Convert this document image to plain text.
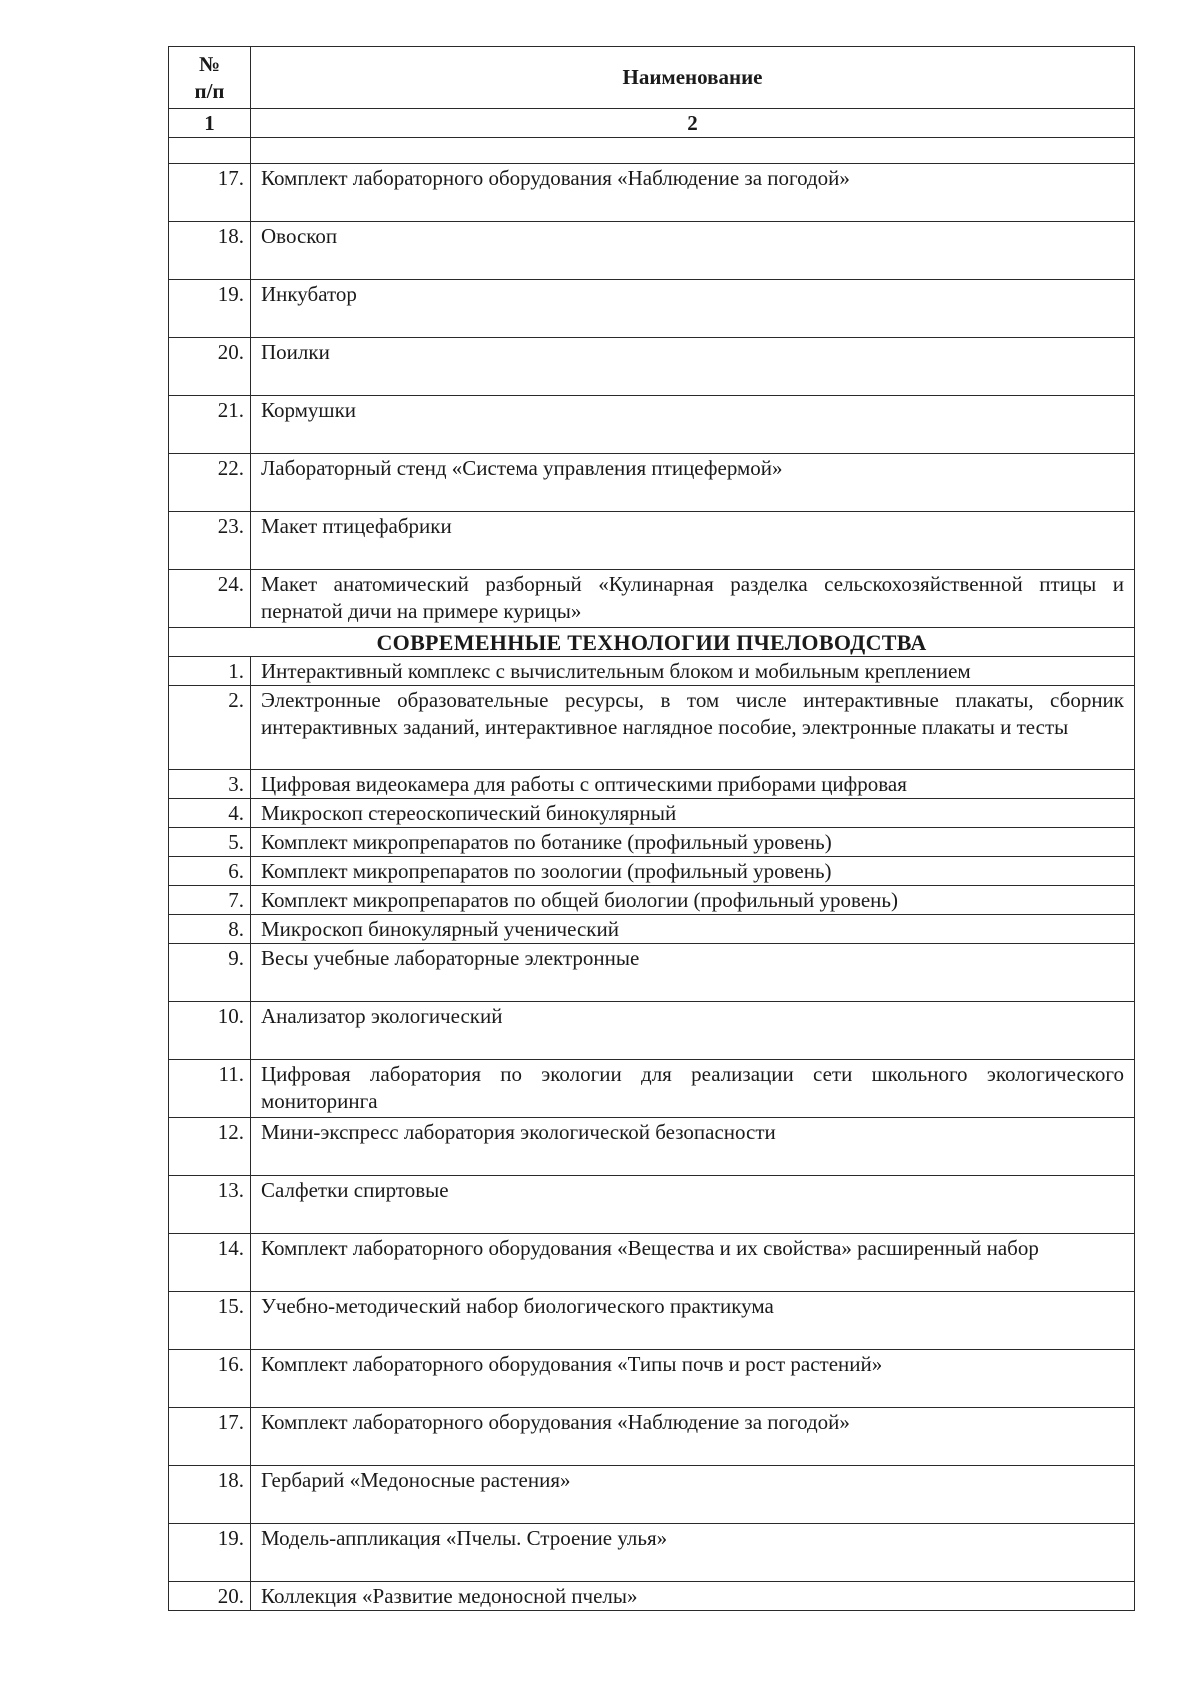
№
п/п	Наименование
1	2

17.	Комплект лабораторного оборудования «Наблюдение за погодой»
18.	Овоскоп
19.	Инкубатор
20.	Поилки
21.	Кормушки
22.	Лабораторный стенд «Система управления птицефермой»
23.	Макет птицефабрики
24.	Макет анатомический разборный «Кулинарная разделка сельскохозяйственной птицы и пернатой дичи на примере курицы»
СОВРЕМЕННЫЕ ТЕХНОЛОГИИ ПЧЕЛОВОДСТВА	
1.	Интерактивный комплекс с вычислительным блоком и мобильным креплением
2.	Электронные образовательные ресурсы, в том числе интерактивные плакаты, сборник интерактивных заданий, интерактивное наглядное пособие, электронные плакаты и тесты
3.	Цифровая видеокамера для работы с оптическими приборами цифровая
4.	Микроскоп стереоскопический бинокулярный
5.	Комплект микропрепаратов по ботанике (профильный уровень)
6.	Комплект микропрепаратов по зоологии (профильный уровень)
7.	Комплект микропрепаратов по общей биологии (профильный уровень)
8.	Микроскоп бинокулярный ученический
9.	Весы учебные лабораторные электронные
10.	Анализатор экологический
11.	Цифровая лаборатория по экологии для реализации сети школьного экологического мониторинга
12.	Мини-экспресс лаборатория экологической безопасности
13.	Салфетки спиртовые
14.	Комплект лабораторного оборудования «Вещества и их свойства» расширенный набор
15.	Учебно-методический набор биологического практикума
16.	Комплект лабораторного оборудования «Типы почв и рост растений»
17.	Комплект лабораторного оборудования «Наблюдение за погодой»
18.	Гербарий «Медоносные растения»
19.	Модель-аппликация «Пчелы. Строение улья»
20.	Коллекция «Развитие медоносной пчелы»
